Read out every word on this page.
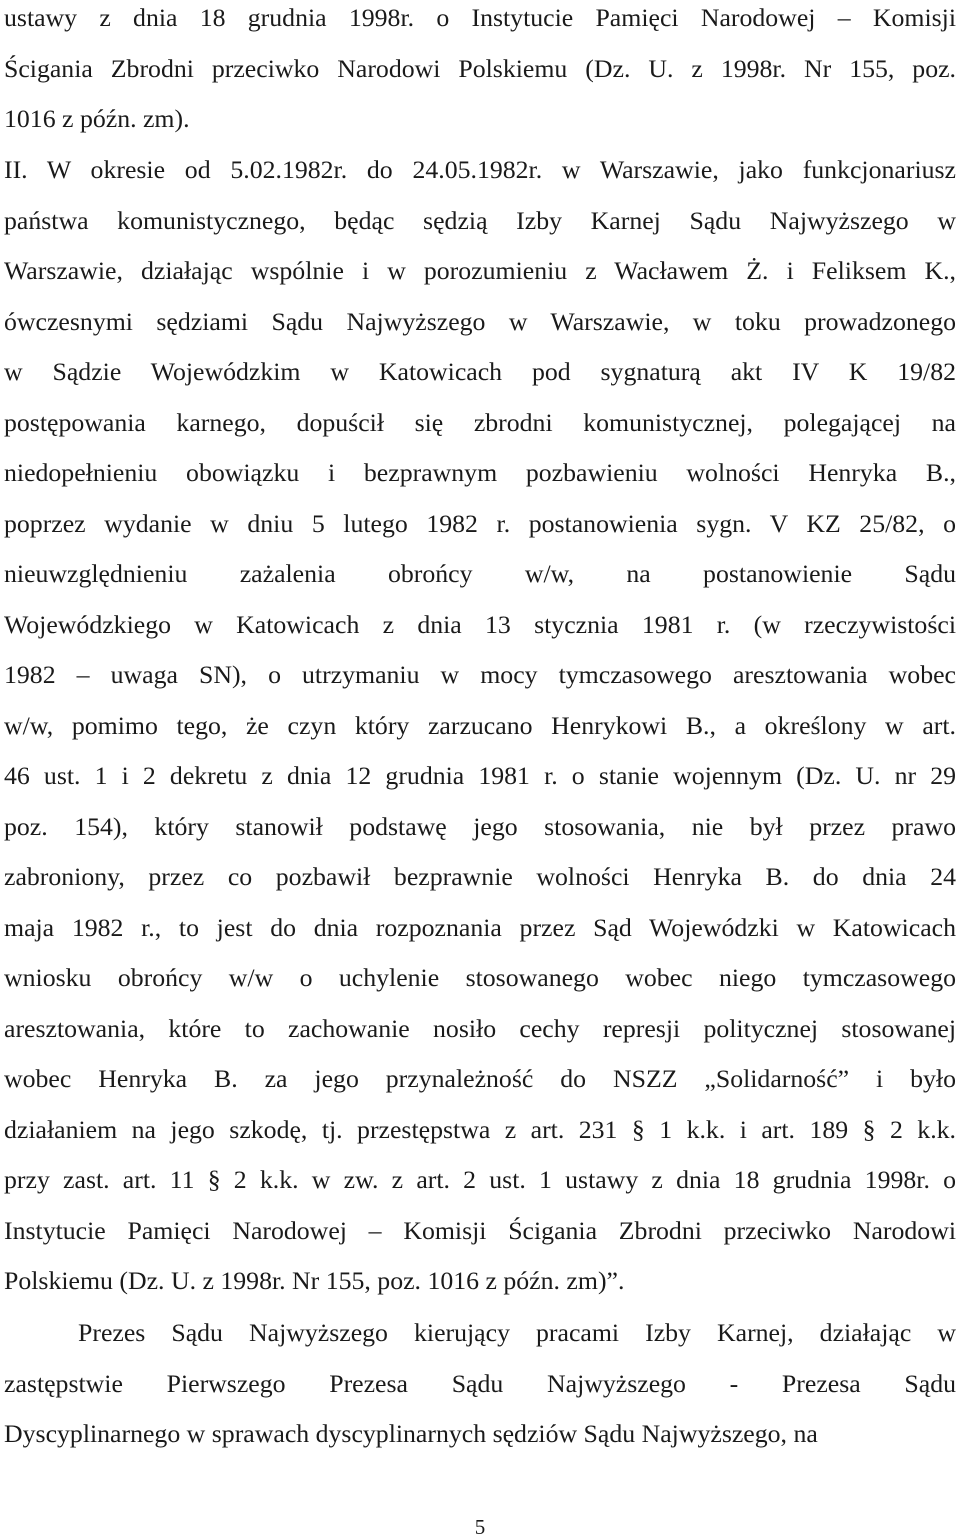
ustawy z dnia 18 grudnia 1998r. o Instytucie Pamięci Narodowej – Komisji
Ścigania Zbrodni przeciwko Narodowi Polskiemu (Dz. U. z 1998r. Nr 155, poz.
1016 z późn. zm).
II. W okresie od 5.02.1982r. do 24.05.1982r. w Warszawie, jako funkcjonariusz
państwa komunistycznego, będąc sędzią Izby Karnej Sądu Najwyższego w
Warszawie, działając wspólnie i w porozumieniu z Wacławem Ż. i Feliksem K.,
ówczesnymi sędziami Sądu Najwyższego w Warszawie, w toku prowadzonego
w Sądzie Wojewódzkim w Katowicach pod sygnaturą akt IV K 19/82
postępowania karnego, dopuścił się zbrodni komunistycznej, polegającej na
niedopełnieniu obowiązku i bezprawnym pozbawieniu wolności Henryka B.,
poprzez wydanie w dniu 5 lutego 1982 r. postanowienia sygn. V KZ 25/82, o
nieuwzględnieniu zażalenia obrońcy w/w, na postanowienie Sądu
Wojewódzkiego w Katowicach z dnia 13 stycznia 1981 r. (w rzeczywistości
1982 – uwaga SN), o utrzymaniu w mocy tymczasowego aresztowania wobec
w/w, pomimo tego, że czyn który zarzucano Henrykowi B., a określony w art.
46 ust. 1 i 2 dekretu z dnia 12 grudnia 1981 r. o stanie wojennym (Dz. U. nr 29
poz. 154), który stanowił podstawę jego stosowania, nie był przez prawo
zabroniony, przez co pozbawił bezprawnie wolności Henryka B. do dnia 24
maja 1982 r., to jest do dnia rozpoznania przez Sąd Wojewódzki w Katowicach
wniosku obrońcy w/w o uchylenie stosowanego wobec niego tymczasowego
aresztowania, które to zachowanie nosiło cechy represji politycznej stosowanej
wobec Henryka B. za jego przynależność do NSZZ „Solidarność” i było
działaniem na jego szkodę, tj. przestępstwa z art. 231 § 1 k.k. i art. 189 § 2 k.k.
przy zast. art. 11 § 2 k.k. w zw. z art. 2 ust. 1 ustawy z dnia 18 grudnia 1998r. o
Instytucie Pamięci Narodowej – Komisji Ścigania Zbrodni przeciwko Narodowi
Polskiemu (Dz. U. z 1998r. Nr 155, poz. 1016 z późn. zm)”.
Prezes Sądu Najwyższego kierujący pracami Izby Karnej, działając w
zastępstwie Pierwszego Prezesa Sądu Najwyższego - Prezesa Sądu
Dyscyplinarnego w sprawach dyscyplinarnych sędziów Sądu Najwyższego, na
5
